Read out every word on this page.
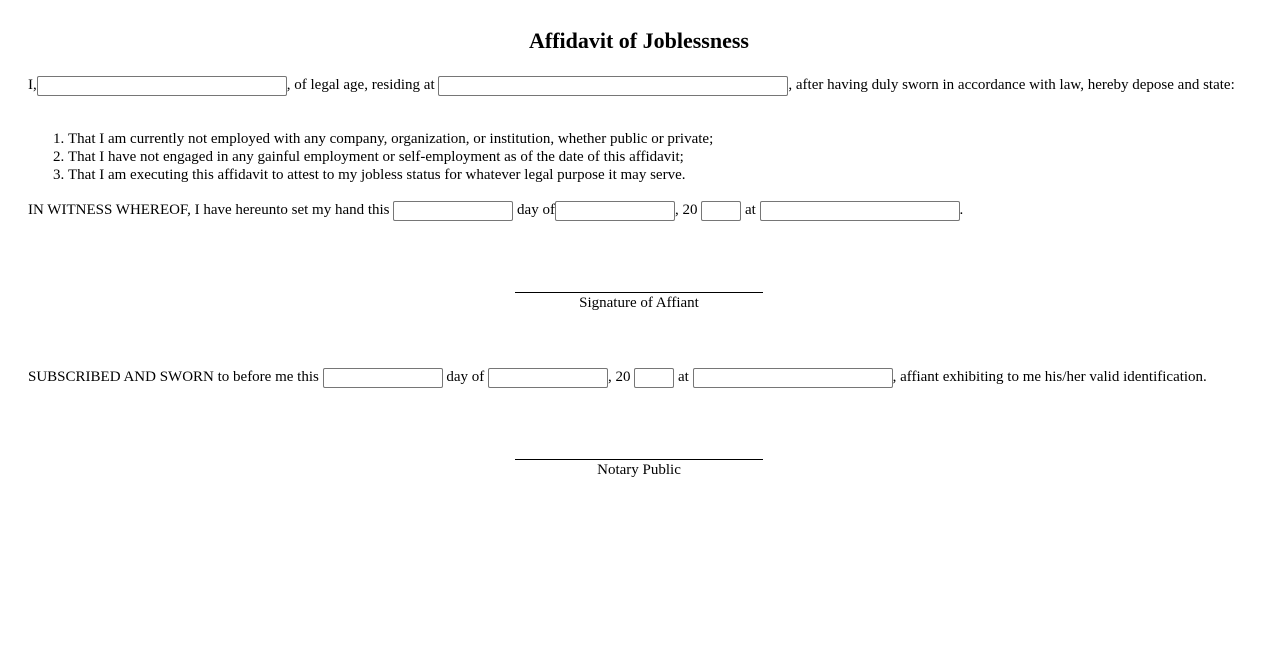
Affidavit of Joblessness
I,	, of legal age, residing at	, after having duly sworn in accordance with law, hereby depose and state:
1. That I am currently not employed with any company, organization, or institution, whether public or private;
2. That I have not engaged in any gainful employment or self-employment as of the date of this affidavit;
3. That I am executing this affidavit to attest to my jobless status for whatever legal purpose it may serve.
IN WITNESS WHEREOF, I have hereunto set my hand this	day of	, 20	at	.
Signature of Affiant
SUBSCRIBED AND SWORN to before me this	day of	, 20	at	, affiant exhibiting to me his/her valid identification.
Notary Public
